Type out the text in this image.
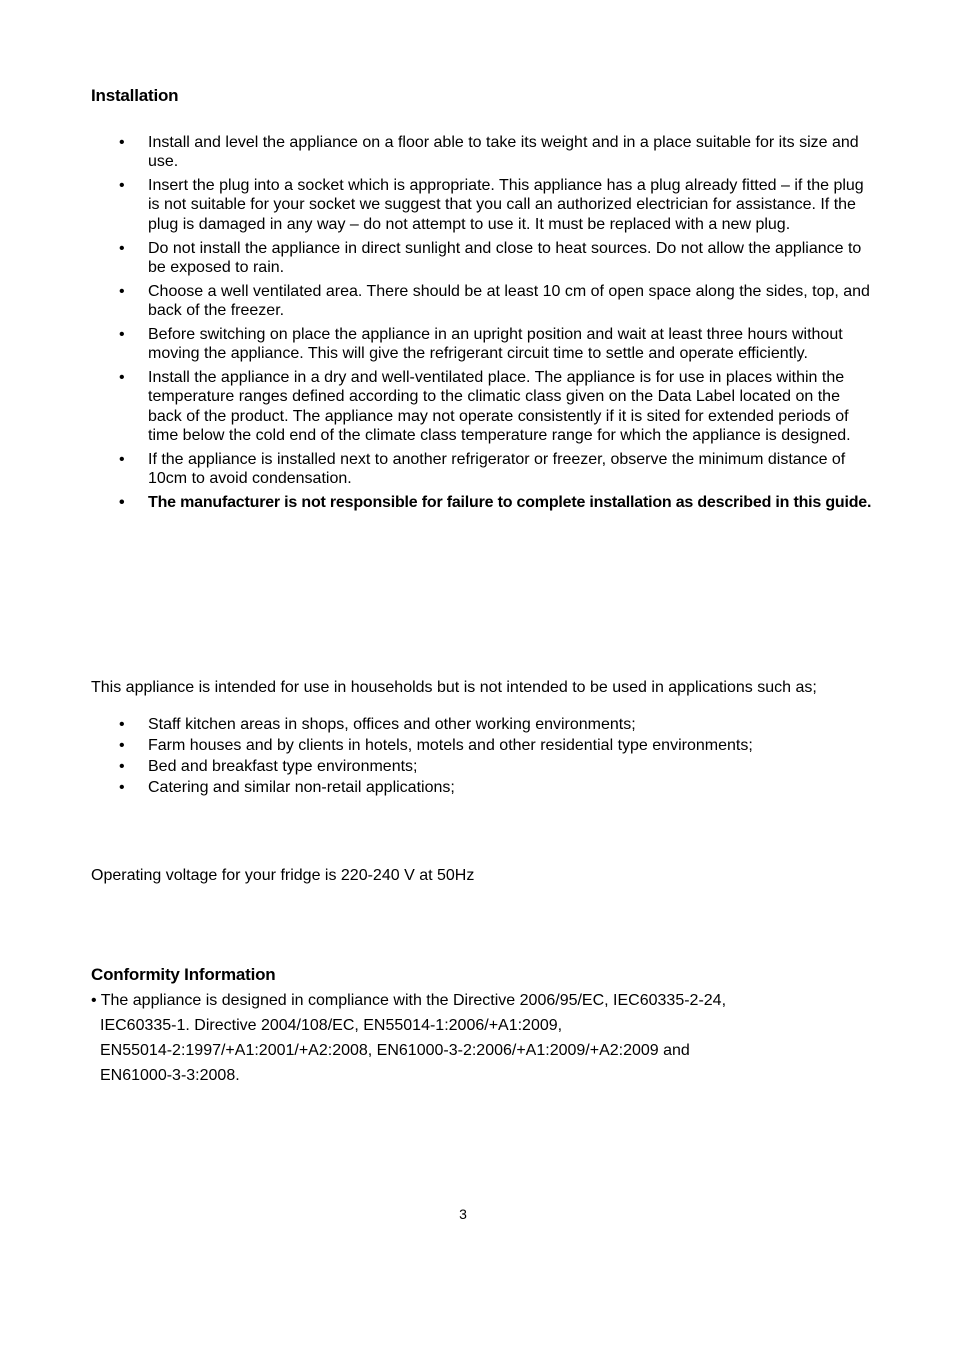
Installation
• Install and level the appliance on a floor able to take its weight and in a place suitable for its size and use.
• Insert the plug into a socket which is appropriate. This appliance has a plug already fitted – if the plug is not suitable for your socket we suggest that you call an authorized electrician for assistance. If the plug is damaged in any way – do not attempt to use it. It must be replaced with a new plug.
• Do not install the appliance in direct sunlight and close to heat sources. Do not allow the appliance to be exposed to rain.
• Choose a well ventilated area. There should be at least 10 cm of open space along the sides, top, and back of the freezer.
• Before switching on place the appliance in an upright position and wait at least three hours without moving the appliance. This will give the refrigerant circuit time to settle and operate efficiently.
• Install the appliance in a dry and well-ventilated place. The appliance is for use in places within the temperature ranges defined according to the climatic class given on the Data Label located on the back of the product. The appliance may not operate consistently if it is sited for extended periods of time below the cold end of the climate class temperature range for which the appliance is designed.
• If the appliance is installed next to another refrigerator or freezer, observe the minimum distance of 10cm to avoid condensation.
• The manufacturer is not responsible for failure to complete installation as described in this guide.

This appliance is intended for use in households but is not intended to be used in applications such as;

• Staff kitchen areas in shops, offices and other working environments;
• Farm houses and by clients in hotels, motels and other residential type environments;
• Bed and breakfast type environments;
• Catering and similar non-retail applications;

Operating voltage for your fridge is 220-240 V at 50Hz

Conformity Information
• The appliance is designed in compliance with the Directive 2006/95/EC, IEC60335-2-24,
IEC60335-1. Directive 2004/108/EC, EN55014-1:2006/+A1:2009,
EN55014-2:1997/+A1:2001/+A2:2008, EN61000-3-2:2006/+A1:2009/+A2:2009 and
EN61000-3-3:2008.
3
